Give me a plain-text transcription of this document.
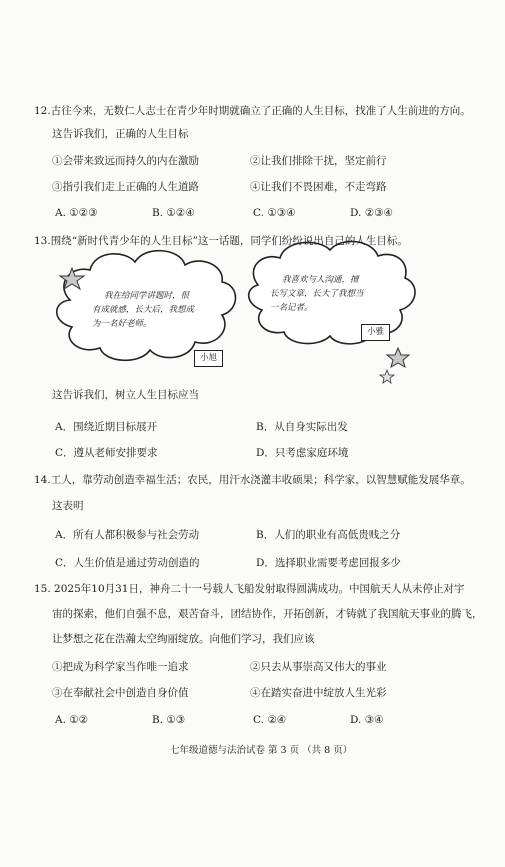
12.古往今来，无数仁人志士在青少年时期就确立了正确的人生目标，找准了人生前进的方向。
这告诉我们，正确的人生目标
①会带来致远而持久的内在激励	②让我们排除干扰，坚定前行
③指引我们走上正确的人生道路	④让我们不畏困难，不走弯路
A. ①②③	B. ①②④	C. ①③④	D. ②③④
13.围绕“新时代青少年的人生目标”这一话题，同学们纷纷说出自己的人生目标。
我在给同学讲题时，很
有成就感，长大后，我想成
为一名好老师。
小旭
我喜欢与人沟通，擅
长写文章，长大了我想当
一名记者。
小雅
这告诉我们，树立人生目标应当
A．围绕近期目标展开	B．从自身实际出发
C．遵从老师安排要求	D．只考虑家庭环境
14.工人，靠劳动创造幸福生活；农民，用汗水浇灌丰收硕果；科学家，以智慧赋能发展华章。
这表明
A．所有人都积极参与社会劳动	B．人们的职业有高低贵贱之分
C．人生价值是通过劳动创造的	D．选择职业需要考虑回报多少
15. 2025年10月31日，神舟二十一号载人飞船发射取得圆满成功。中国航天人从未停止对宇
宙的探索，他们自强不息，艰苦奋斗，团结协作，开拓创新，才铸就了我国航天事业的腾飞，
让梦想之花在浩瀚太空绚丽绽放。向他们学习，我们应该
①把成为科学家当作唯一追求	②只去从事崇高又伟大的事业
③在奉献社会中创造自身价值	④在踏实奋进中绽放人生光彩
A. ①②	B. ①③	C. ②④	D. ③④
七年级道德与法治试卷 第 3 页 （共 8 页）
